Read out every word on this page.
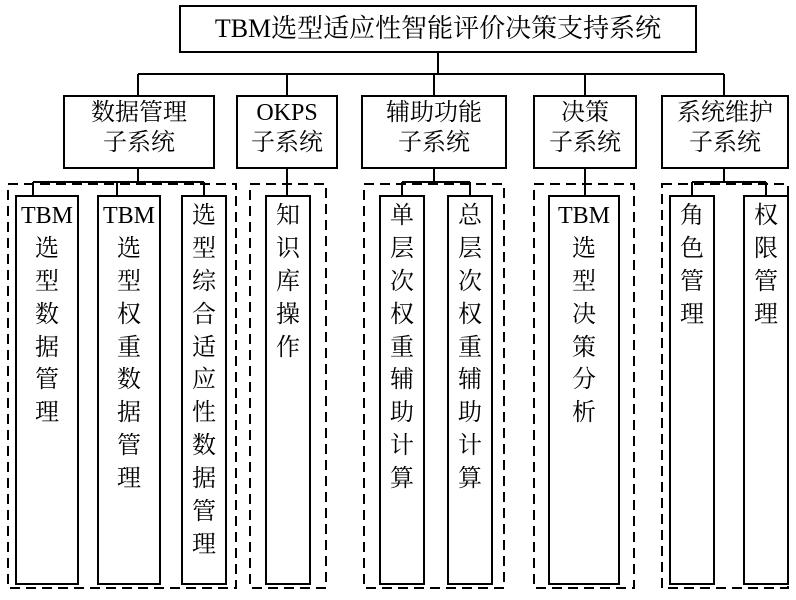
TBM选型适应性智能评价决策支持系统
数据管理
子系统
OKPS
子系统
辅助功能
子系统
决策
子系统
系统维护
子系统
TBM
选
型
数
据
管
理
TBM
选
型
权
重
数
据
管
理
选
型
综
合
适
应
性
数
据
管
理
知
识
库
操
作
单
层
次
权
重
辅
助
计
算
总
层
次
权
重
辅
助
计
算
TBM
选
型
决
策
分
析
角
色
管
理
权
限
管
理
